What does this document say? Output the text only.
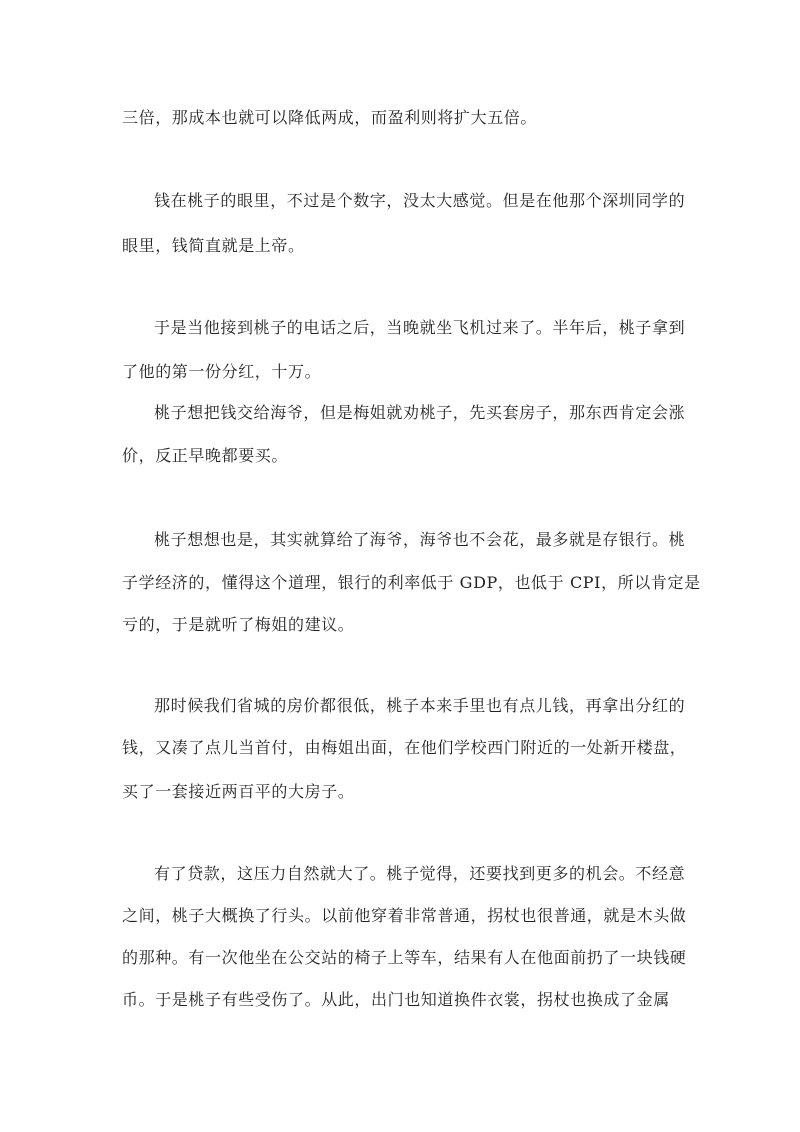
三倍，那成本也就可以降低两成，而盈利则将扩大五倍。
钱在桃子的眼里，不过是个数字，没太大感觉。但是在他那个深圳同学的
眼里，钱简直就是上帝。
于是当他接到桃子的电话之后，当晚就坐飞机过来了。半年后，桃子拿到
了他的第一份分红，十万。
桃子想把钱交给海爷，但是梅姐就劝桃子，先买套房子，那东西肯定会涨
价，反正早晚都要买。
桃子想想也是，其实就算给了海爷，海爷也不会花，最多就是存银行。桃
子学经济的，懂得这个道理，银行的利率低于 GDP，也低于 CPI，所以肯定是
亏的，于是就听了梅姐的建议。
那时候我们省城的房价都很低，桃子本来手里也有点儿钱，再拿出分红的
钱，又凑了点儿当首付，由梅姐出面，在他们学校西门附近的一处新开楼盘，
买了一套接近两百平的大房子。
有了贷款，这压力自然就大了。桃子觉得，还要找到更多的机会。不经意
之间，桃子大概换了行头。以前他穿着非常普通，拐杖也很普通，就是木头做
的那种。有一次他坐在公交站的椅子上等车，结果有人在他面前扔了一块钱硬
币。于是桃子有些受伤了。从此，出门也知道换件衣裳，拐杖也换成了金属
